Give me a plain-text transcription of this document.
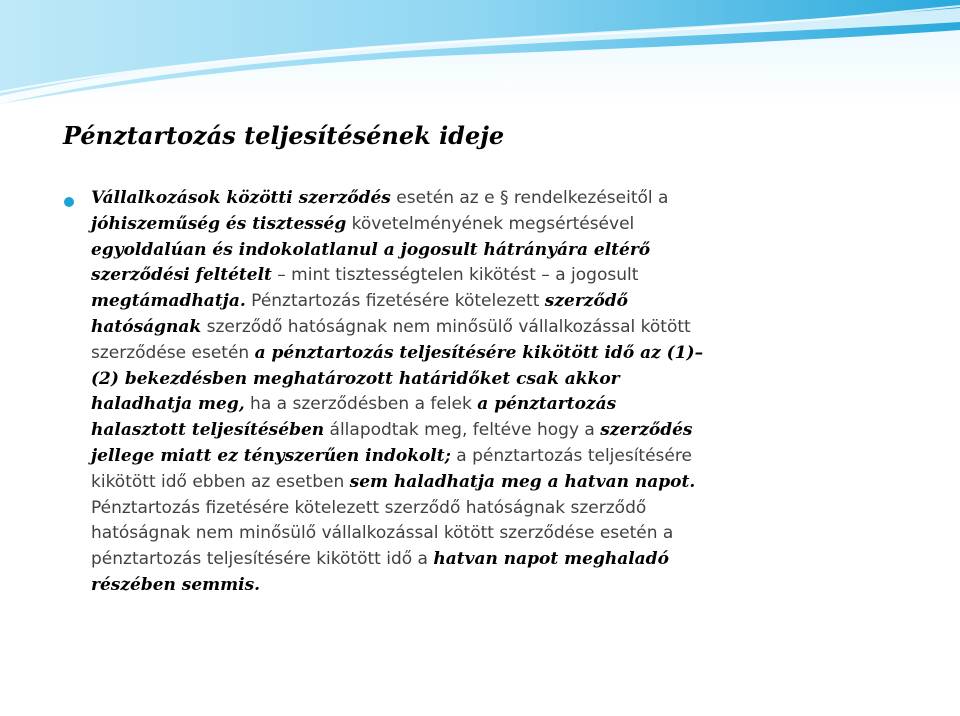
Pénztartozás teljesítésének ideje
Vállalkozások közötti szerződés esetén az e § rendelkezéseitől a
jóhiszeműség és tisztesség követelményének megsértésével
egyoldalúan és indokolatlanul a jogosult hátrányára eltérő
szerződési feltételt – mint tisztességtelen kikötést – a jogosult
megtámadhatja. Pénztartozás fizetésére kötelezett szerződő
hatóságnak szerződő hatóságnak nem minősülő vállalkozással kötött
szerződése esetén a pénztartozás teljesítésére kikötött idő az (1)–
(2) bekezdésben meghatározott határidőket csak akkor
haladhatja meg, ha a szerződésben a felek a pénztartozás
halasztott teljesítésében állapodtak meg, feltéve hogy a szerződés
jellege miatt ez tényszerűen indokolt; a pénztartozás teljesítésére
kikötött idő ebben az esetben sem haladhatja meg a hatvan napot.
Pénztartozás fizetésére kötelezett szerződő hatóságnak szerződő
hatóságnak nem minősülő vállalkozással kötött szerződése esetén a
pénztartozás teljesítésére kikötött idő a hatvan napot meghaladó
részében semmis.
